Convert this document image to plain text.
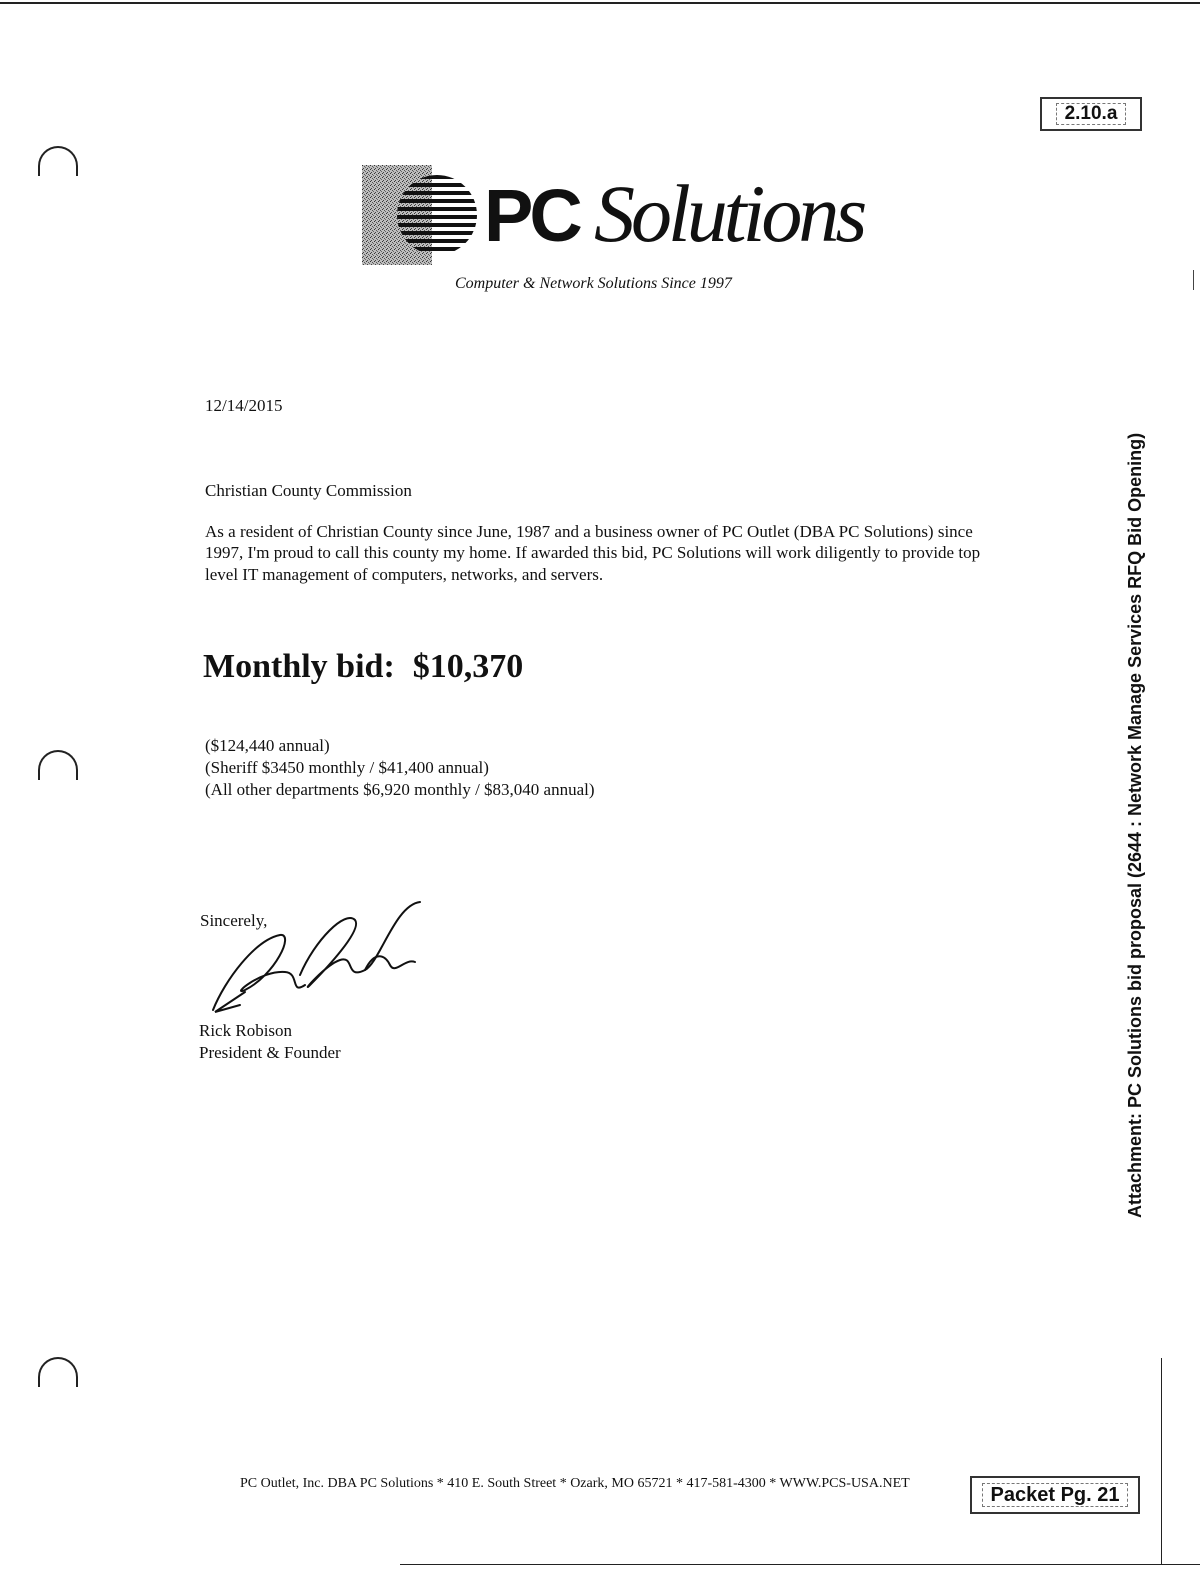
2.10.a
PC Solutions
Computer & Network Solutions Since 1997
12/14/2015
Christian County Commission
As a resident of Christian County since June, 1987 and a business owner of PC Outlet (DBA PC Solutions) since 1997, I'm proud to call this county my home. If awarded this bid, PC Solutions will work diligently to provide top level IT management of computers, networks, and servers.
Monthly bid: $10,370
($124,440 annual)
(Sheriff $3450 monthly / $41,400 annual)
(All other departments $6,920 monthly / $83,040 annual)
Sincerely,
Rick Robison
President & Founder	Attachment: PC Solutions bid proposal (2644 : Network Manage Services RFQ Bid Opening)
PC Outlet, Inc. DBA PC Solutions * 410 E. South Street * Ozark, MO 65721 * 417-581-4300 * WWW.PCS-USA.NET
Packet Pg. 21
